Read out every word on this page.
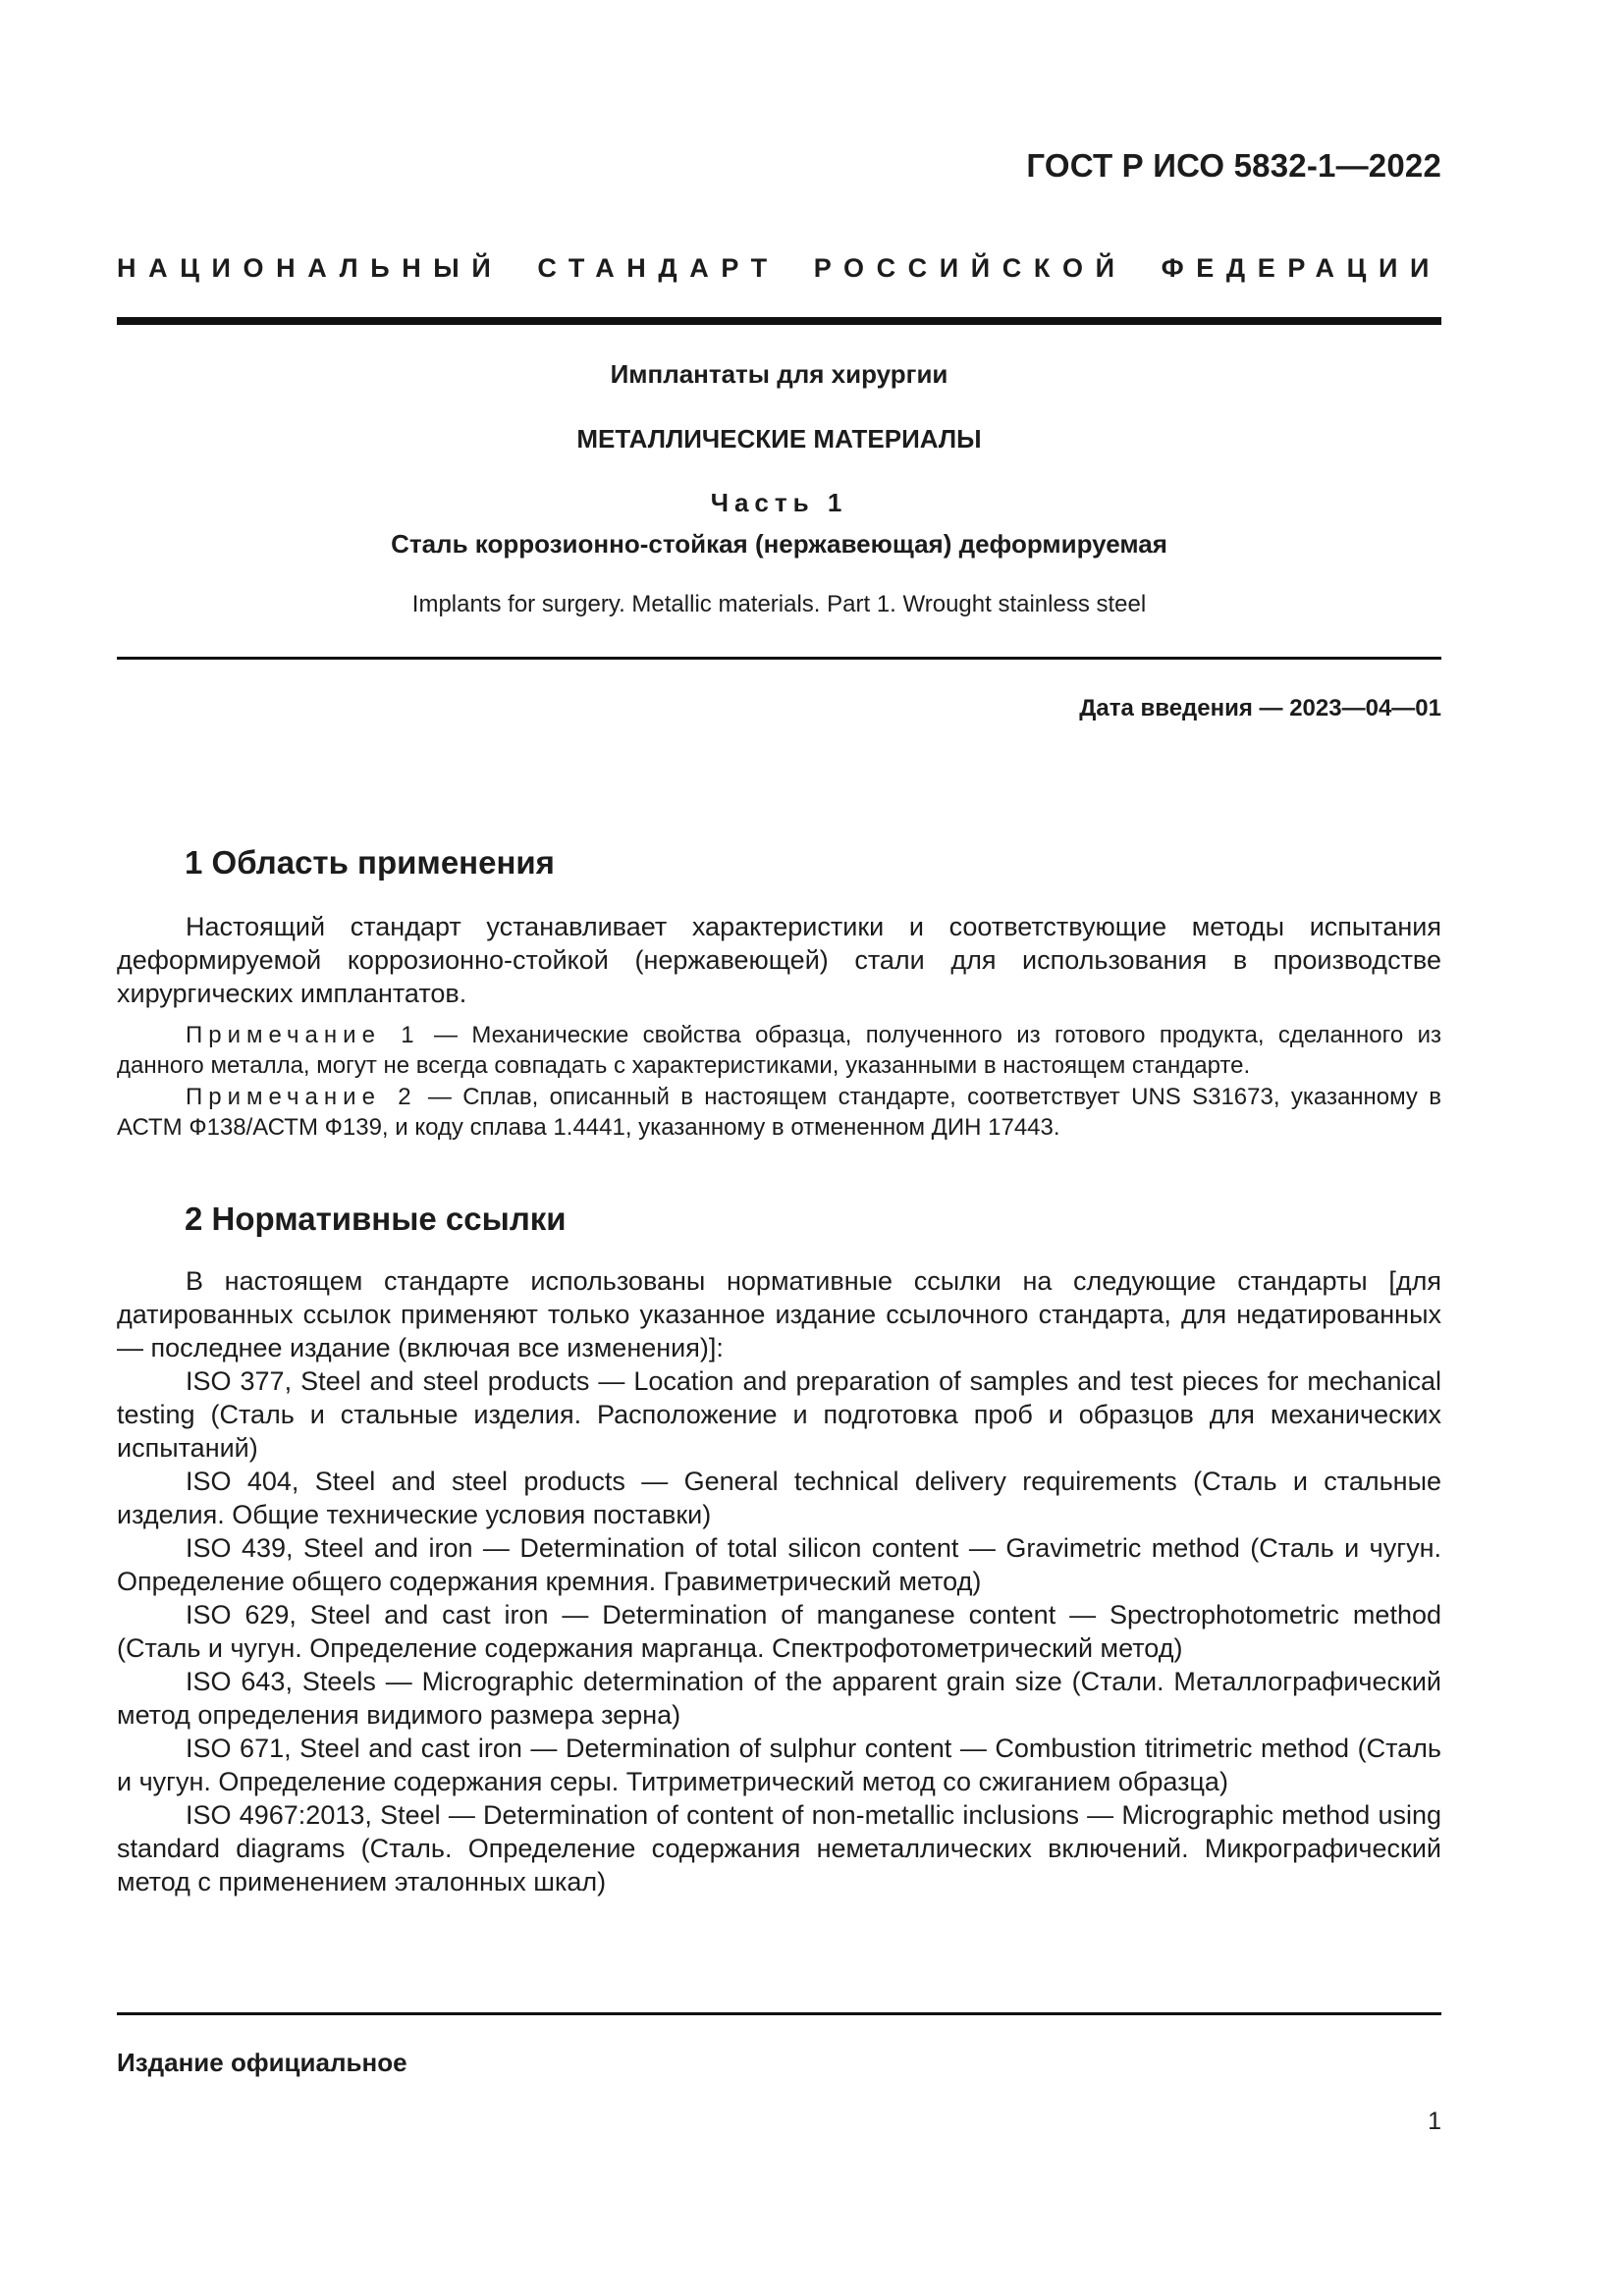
ГОСТ Р ИСО 5832-1—2022
НАЦИОНАЛЬНЫЙ СТАНДАРТ РОССИЙСКОЙ ФЕДЕРАЦИИ
Имплантаты для хирургии
МЕТАЛЛИЧЕСКИЕ МАТЕРИАЛЫ
Часть 1
Сталь коррозионно-стойкая (нержавеющая) деформируемая
Implants for surgery. Metallic materials. Part 1. Wrought stainless steel
Дата введения — 2023—04—01
1 Область применения

Настоящий стандарт устанавливает характеристики и соответствующие методы испытания деформируемой коррозионно-стойкой (нержавеющей) стали для использования в производстве хирургических имплантатов.

Примечание 1 — Механические свойства образца, полученного из готового продукта, сделанного из данного металла, могут не всегда совпадать с характеристиками, указанными в настоящем стандарте.

Примечание 2 — Сплав, описанный в настоящем стандарте, соответствует UNS S31673, указанному в АСТМ Ф138/АСТМ Ф139, и коду сплава 1.4441, указанному в отмененном ДИН 17443.

2 Нормативные ссылки

В настоящем стандарте использованы нормативные ссылки на следующие стандарты [для датированных ссылок применяют только указанное издание ссылочного стандарта, для недатированных — последнее издание (включая все изменения)]:

ISO 377, Steel and steel products — Location and preparation of samples and test pieces for mechanical testing (Сталь и стальные изделия. Расположение и подготовка проб и образцов для механических испытаний)

ISO 404, Steel and steel products — General technical delivery requirements (Сталь и стальные изделия. Общие технические условия поставки)

ISO 439, Steel and iron — Determination of total silicon content — Gravimetric method (Сталь и чугун. Определение общего содержания кремния. Гравиметрический метод)

ISO 629, Steel and cast iron — Determination of manganese content — Spectrophotometric method (Сталь и чугун. Определение содержания марганца. Спектрофотометрический метод)

ISO 643, Steels — Micrographic determination of the apparent grain size (Стали. Металлографический метод определения видимого размера зерна)

ISO 671, Steel and cast iron — Determination of sulphur content — Combustion titrimetric method (Сталь и чугун. Определение содержания серы. Титриметрический метод со сжиганием образца)

ISO 4967:2013, Steel — Determination of content of non-metallic inclusions — Micrographic method using standard diagrams (Сталь. Определение содержания неметаллических включений. Микрографический метод с применением эталонных шкал)

Издание официальное
1
